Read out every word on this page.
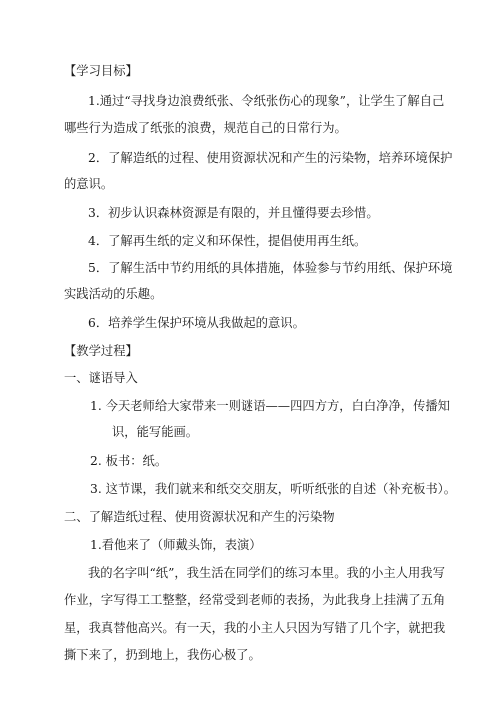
【学习目标】
1.通过“寻找身边浪费纸张、令纸张伤心的现象”，让学生了解自己
哪些行为造成了纸张的浪费，规范自己的日常行为。
2．了解造纸的过程、使用资源状况和产生的污染物，培养环境保护
的意识。
3．初步认识森林资源是有限的，并且懂得要去珍惜。
4．了解再生纸的定义和环保性，提倡使用再生纸。
5．了解生活中节约用纸的具体措施，体验参与节约用纸、保护环境
实践活动的乐趣。
6．培养学生保护环境从我做起的意识。
【教学过程】
一、谜语导入
1. 今天老师给大家带来一则谜语——四四方方，白白净净，传播知
识，能写能画。
2. 板书：纸。
3. 这节课，我们就来和纸交交朋友，听听纸张的自述（补充板书）。
二、了解造纸过程、使用资源状况和产生的污染物
1.看他来了（师戴头饰，表演）
我的名字叫“纸”，我生活在同学们的练习本里。我的小主人用我写
作业，字写得工工整整，经常受到老师的表扬，为此我身上挂满了五角
星，我真替他高兴。有一天，我的小主人只因为写错了几个字，就把我
撕下来了，扔到地上，我伤心极了。
